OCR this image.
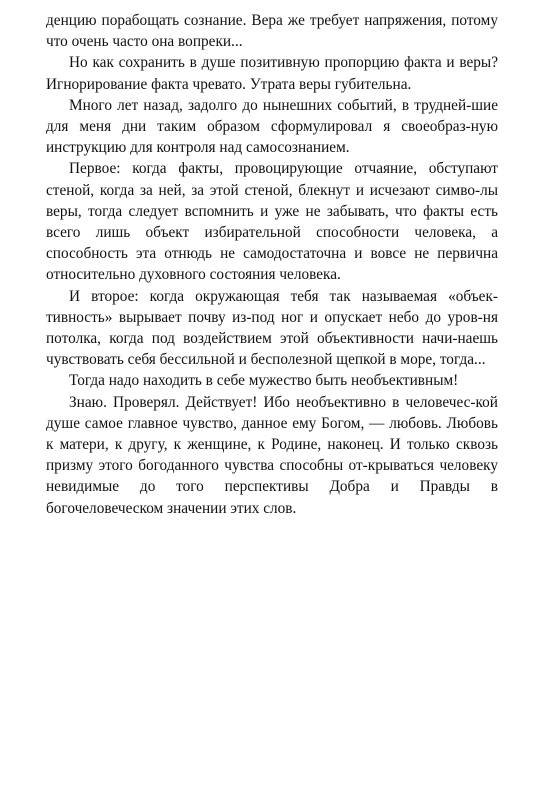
денцию порабощать сознание. Вера же требует напряжения, потому что очень часто она вопреки...

Но как сохранить в душе позитивную пропорцию факта и веры? Игнорирование факта чревато. Утрата веры губительна.

Много лет назад, задолго до нынешних событий, в трудней-шие для меня дни таким образом сформулировал я своеобраз-ную инструкцию для контроля над самосознанием.

Первое: когда факты, провоцирующие отчаяние, обступают стеной, когда за ней, за этой стеной, блекнут и исчезают симво-лы веры, тогда следует вспомнить и уже не забывать, что факты есть всего лишь объект избирательной способности человека, а способность эта отнюдь не самодостаточна и вовсе не первична относительно духовного состояния человека.

И второе: когда окружающая тебя так называемая «объек-тивность» вырывает почву из-под ног и опускает небо до уров-ня потолка, когда под воздействием этой объективности начи-наешь чувствовать себя бессильной и бесполезной щепкой в море, тогда...

Тогда надо находить в себе мужество быть необъективным!

Знаю. Проверял. Действует! Ибо необъективно в человечес-кой душе самое главное чувство, данное ему Богом, — любовь. Любовь к матери, к другу, к женщине, к Родине, наконец. И только сквозь призму этого богоданного чувства способны от-крываться человеку невидимые до того перспективы Добра и Правды в богочеловеческом значении этих слов.
